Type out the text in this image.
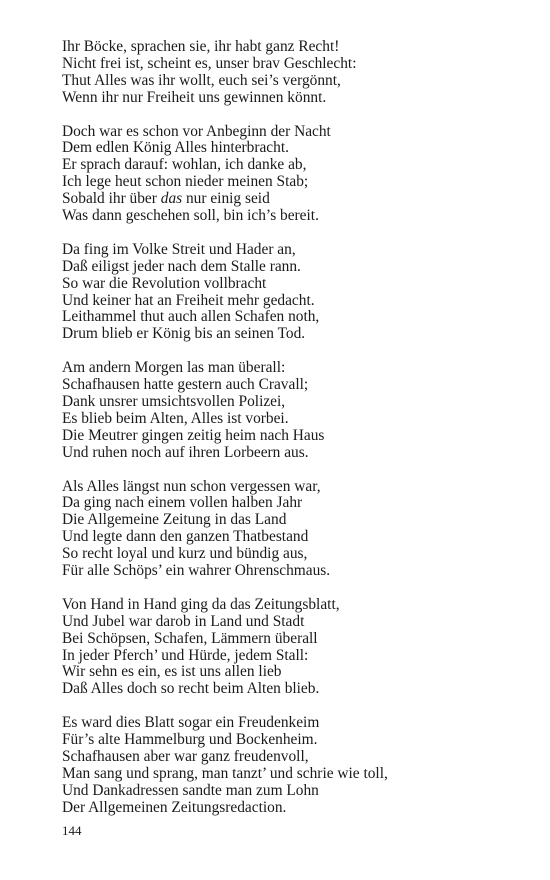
Ihr Böcke, sprachen sie, ihr habt ganz Recht!
Nicht frei ist, scheint es, unser brav Geschlecht:
Thut Alles was ihr wollt, euch sei’s vergönnt,
Wenn ihr nur Freiheit uns gewinnen könnt.
Doch war es schon vor Anbeginn der Nacht
Dem edlen König Alles hinterbracht.
Er sprach darauf: wohlan, ich danke ab,
Ich lege heut schon nieder meinen Stab;
Sobald ihr über das nur einig seid
Was dann geschehen soll, bin ich’s bereit.
Da fing im Volke Streit und Hader an,
Daß eiligst jeder nach dem Stalle rann.
So war die Revolution vollbracht
Und keiner hat an Freiheit mehr gedacht.
Leithammel thut auch allen Schafen noth,
Drum blieb er König bis an seinen Tod.
Am andern Morgen las man überall:
Schafhausen hatte gestern auch Cravall;
Dank unsrer umsichtsvollen Polizei,
Es blieb beim Alten, Alles ist vorbei.
Die Meutrer gingen zeitig heim nach Haus
Und ruhen noch auf ihren Lorbeern aus.
Als Alles längst nun schon vergessen war,
Da ging nach einem vollen halben Jahr
Die Allgemeine Zeitung in das Land
Und legte dann den ganzen Thatbestand
So recht loyal und kurz und bündig aus,
Für alle Schöps’ ein wahrer Ohrenschmaus.
Von Hand in Hand ging da das Zeitungsblatt,
Und Jubel war darob in Land und Stadt
Bei Schöpsen, Schafen, Lämmern überall
In jeder Pferch’ und Hürde, jedem Stall:
Wir sehn es ein, es ist uns allen lieb
Daß Alles doch so recht beim Alten blieb.
Es ward dies Blatt sogar ein Freudenkeim
Für’s alte Hammelburg und Bockenheim.
Schafhausen aber war ganz freudenvoll,
Man sang und sprang, man tanzt’ und schrie wie toll,
Und Dankadressen sandte man zum Lohn
Der Allgemeinen Zeitungsredaction.
144
